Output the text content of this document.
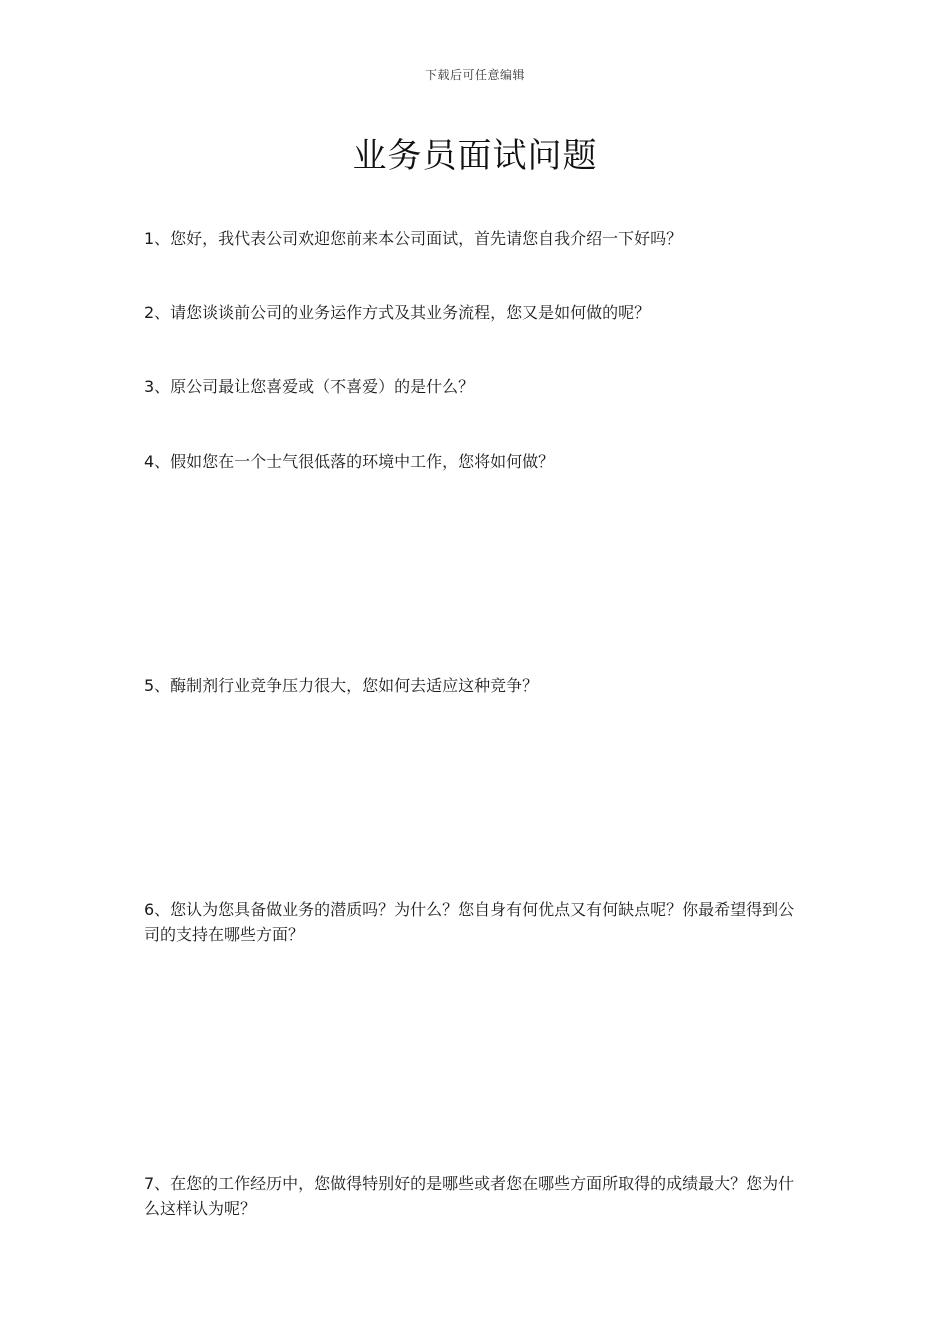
下载后可任意编辑
业务员面试问题

1、您好，我代表公司欢迎您前来本公司面试，首先请您自我介绍一下好吗？

2、请您谈谈前公司的业务运作方式及其业务流程，您又是如何做的呢？

3、原公司最让您喜爱或（不喜爱）的是什么？

4、假如您在一个士气很低落的环境中工作，您将如何做？

5、酶制剂行业竞争压力很大，您如何去适应这种竞争？

6、您认为您具备做业务的潜质吗？为什么？您自身有何优点又有何缺点呢？你最希望得到公司的支持在哪些方面？

7、在您的工作经历中，您做得特别好的是哪些或者您在哪些方面所取得的成绩最大？您为什么这样认为呢？
